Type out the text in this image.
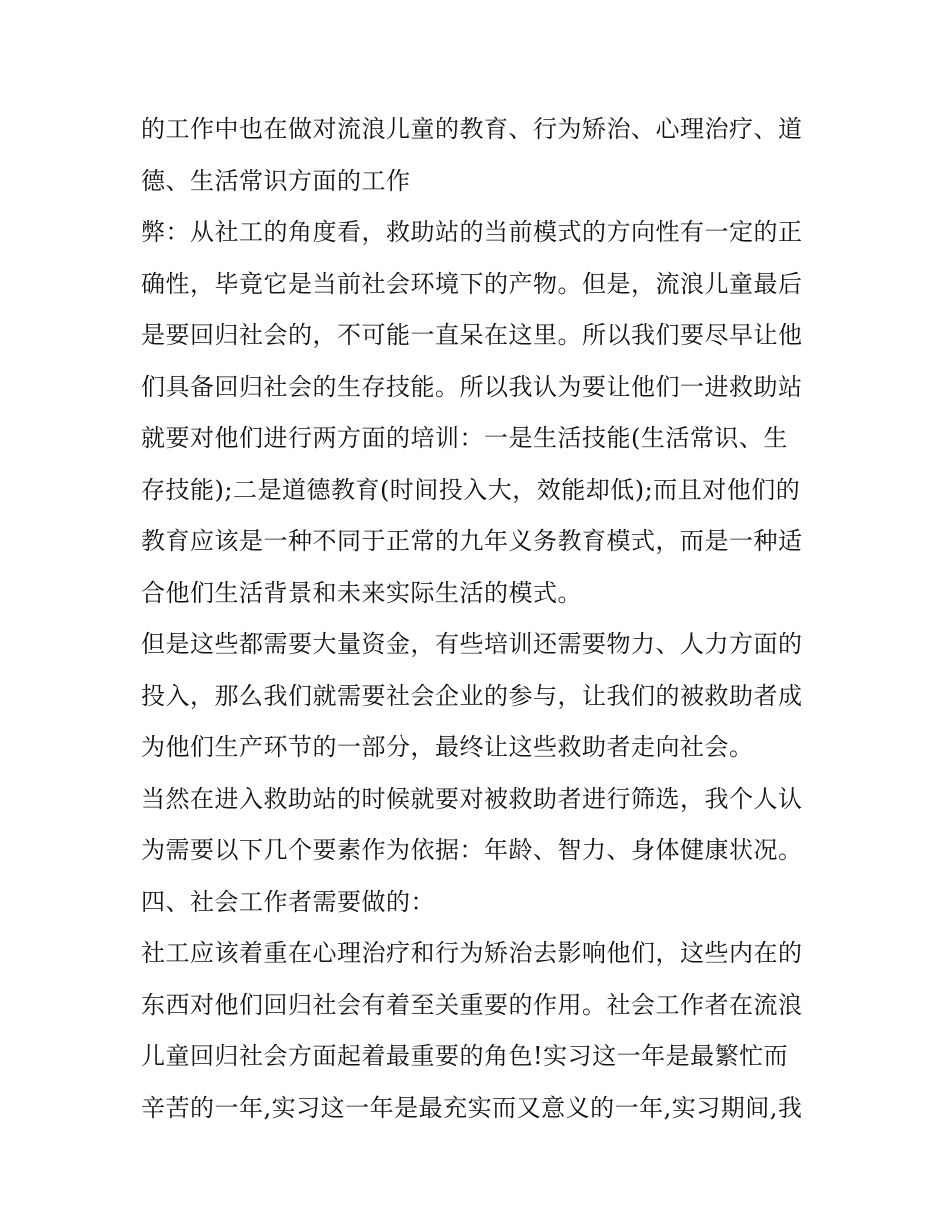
的工作中也在做对流浪儿童的教育、行为矫治、心理治疗、道
德、生活常识方面的工作
弊：从社工的角度看，救助站的当前模式的方向性有一定的正
确性，毕竟它是当前社会环境下的产物。但是，流浪儿童最后
是要回归社会的，不可能一直呆在这里。所以我们要尽早让他
们具备回归社会的生存技能。所以我认为要让他们一进救助站
就要对他们进行两方面的培训：一是生活技能(生活常识、生
存技能);二是道德教育(时间投入大，效能却低);而且对他们的
教育应该是一种不同于正常的九年义务教育模式，而是一种适
合他们生活背景和未来实际生活的模式。
但是这些都需要大量资金，有些培训还需要物力、人力方面的
投入，那么我们就需要社会企业的参与，让我们的被救助者成
为他们生产环节的一部分，最终让这些救助者走向社会。
当然在进入救助站的时候就要对被救助者进行筛选，我个人认
为需要以下几个要素作为依据：年龄、智力、身体健康状况。
四、社会工作者需要做的：
社工应该着重在心理治疗和行为矫治去影响他们，这些内在的
东西对他们回归社会有着至关重要的作用。社会工作者在流浪
儿童回归社会方面起着最重要的角色!实习这一年是最繁忙而
辛苦的一年,实习这一年是最充实而又意义的一年,实习期间,我
